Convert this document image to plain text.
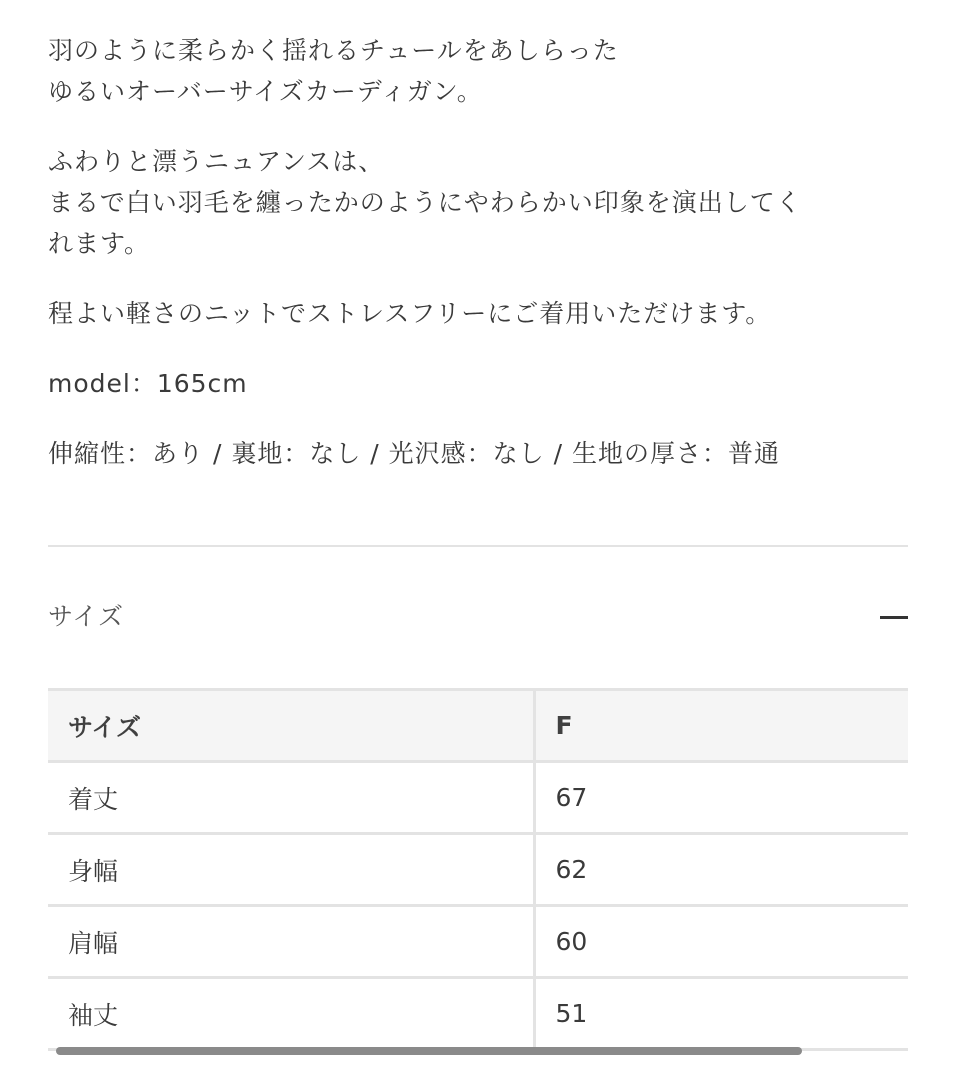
羽のように柔らかく揺れるチュールをあしらった
ゆるいオーバーサイズカーディガン。

ふわりと漂うニュアンスは、
まるで白い羽毛を纏ったかのようにやわらかい印象を演出してく
れます。

程よい軽さのニットでストレスフリーにご着用いただけます。

model：165cm

伸縮性：あり / 裏地：なし / 光沢感：なし / 生地の厚さ：普通

サイズ
サイズ	F
着丈	67
身幅	62
肩幅	60
袖丈	51
